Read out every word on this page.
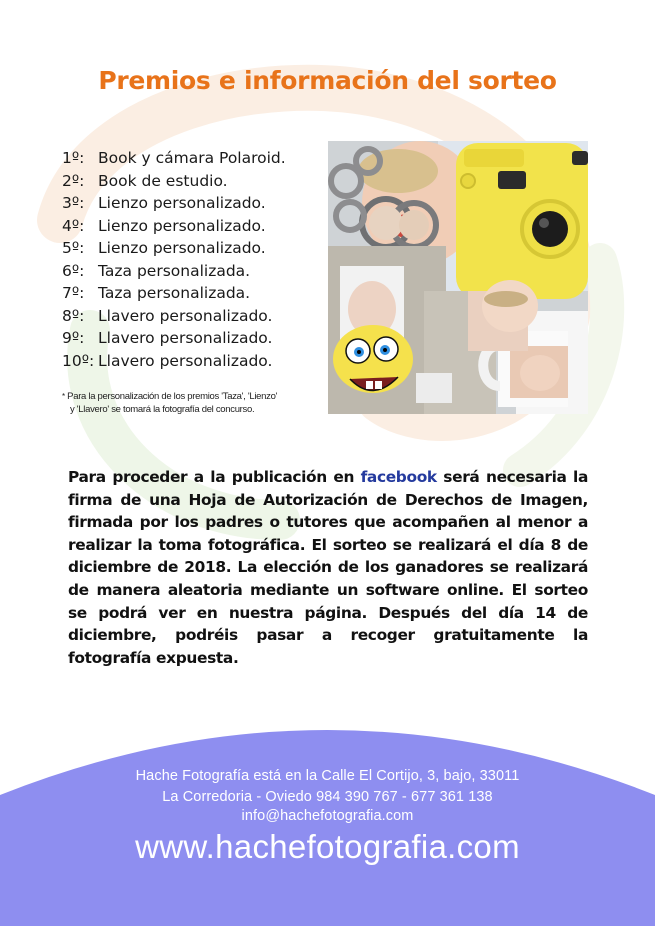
Premios e información del sorteo
1º: Book y cámara Polaroid.
2º: Book de estudio.
3º: Lienzo personalizado.
4º: Lienzo personalizado.
5º: Lienzo personalizado.
6º: Taza personalizada.
7º: Taza personalizada.
8º: Llavero personalizado.
9º: Llavero personalizado.
10º: Llavero personalizado.
* Para la personalización de los premios 'Taza', 'Lienzo'
y 'Llavero' se tomará la fotografía del concurso.

Para proceder a la publicación en facebook será necesaria la firma de una Hoja de Autorización de Derechos de Imagen, firmada por los padres o tutores que acompañen al menor a realizar la toma fotográfica. El sorteo se realizará el día 8 de diciembre de 2018. La elección de los ganadores se realizará de manera aleatoria mediante un software online. El sorteo se podrá ver en nuestra página. Después del día 14 de diciembre, podréis pasar a recoger gratuitamente la fotografía expuesta.

Hache Fotografía está en la Calle El Cortijo, 3, bajo, 33011
La Corredoria - Oviedo 984 390 767 - 677 361 138
info@hachefotografia.com
www.hachefotografia.com
